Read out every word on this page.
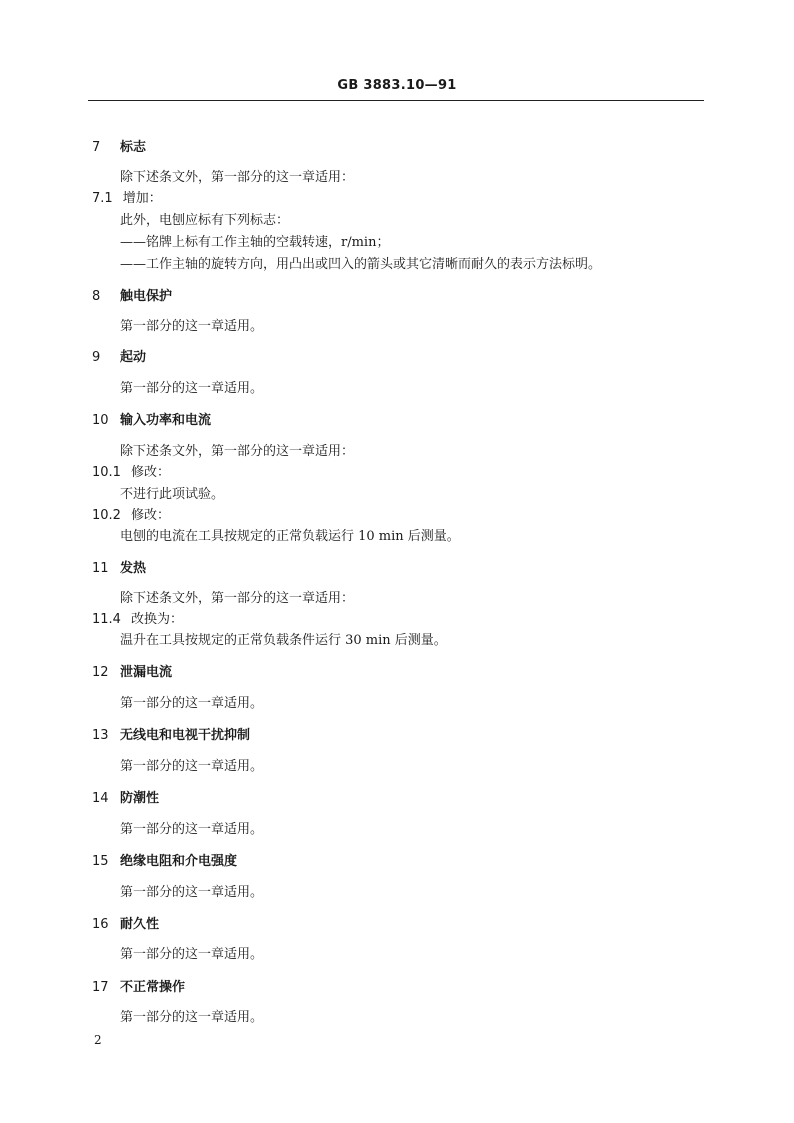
GB 3883.10—91
7 标志
除下述条文外，第一部分的这一章适用：
7.1 增加：
此外，电刨应标有下列标志：
——铭牌上标有工作主轴的空载转速，r/min；
——工作主轴的旋转方向，用凸出或凹入的箭头或其它清晰而耐久的表示方法标明。
8 触电保护
第一部分的这一章适用。
9 起动
第一部分的这一章适用。
10 输入功率和电流
除下述条文外，第一部分的这一章适用：
10.1 修改：
不进行此项试验。
10.2 修改：
电刨的电流在工具按规定的正常负载运行 10 min 后测量。
11 发热
除下述条文外，第一部分的这一章适用：
11.4 改换为：
温升在工具按规定的正常负载条件运行 30 min 后测量。
12 泄漏电流
第一部分的这一章适用。
13 无线电和电视干扰抑制
第一部分的这一章适用。
14 防潮性
第一部分的这一章适用。
15 绝缘电阻和介电强度
第一部分的这一章适用。
16 耐久性
第一部分的这一章适用。
17 不正常操作
第一部分的这一章适用。
2
